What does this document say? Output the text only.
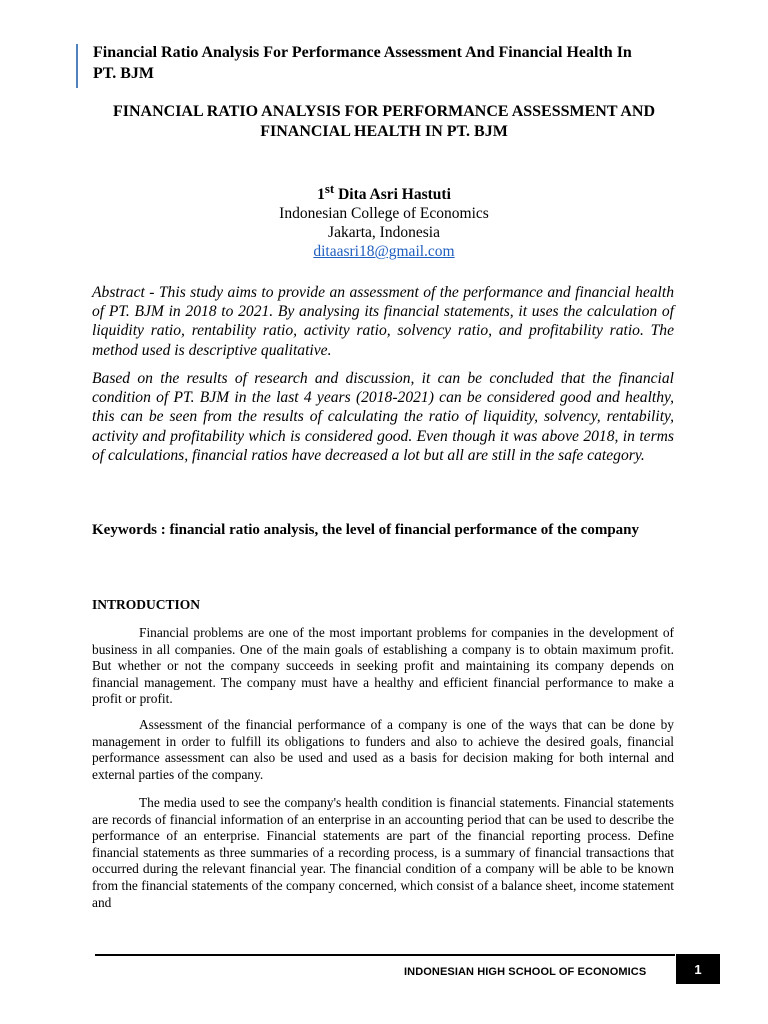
Financial Ratio Analysis For Performance Assessment And Financial Health In PT. BJM
FINANCIAL RATIO ANALYSIS FOR PERFORMANCE ASSESSMENT AND FINANCIAL HEALTH IN PT. BJM
1st Dita Asri Hastuti
Indonesian College of Economics
Jakarta, Indonesia
ditaasri18@gmail.com

Abstract - This study aims to provide an assessment of the performance and financial health of PT. BJM in 2018 to 2021. By analysing its financial statements, it uses the calculation of liquidity ratio, rentability ratio, activity ratio, solvency ratio, and profitability ratio. The method used is descriptive qualitative.

Based on the results of research and discussion, it can be concluded that the financial condition of PT. BJM in the last 4 years (2018-2021) can be considered good and healthy, this can be seen from the results of calculating the ratio of liquidity, solvency, rentability, activity and profitability which is considered good. Even though it was above 2018, in terms of calculations, financial ratios have decreased a lot but all are still in the safe category.

Keywords : financial ratio analysis, the level of financial performance of the company

INTRODUCTION

Financial problems are one of the most important problems for companies in the development of business in all companies. One of the main goals of establishing a company is to obtain maximum profit. But whether or not the company succeeds in seeking profit and maintaining its company depends on financial management. The company must have a healthy and efficient financial performance to make a profit or profit.

Assessment of the financial performance of a company is one of the ways that can be done by management in order to fulfill its obligations to funders and also to achieve the desired goals, financial performance assessment can also be used and used as a basis for decision making for both internal and external parties of the company.

The media used to see the company's health condition is financial statements. Financial statements are records of financial information of an enterprise in an accounting period that can be used to describe the performance of an enterprise. Financial statements are part of the financial reporting process. Define financial statements as three summaries of a recording process, is a summary of financial transactions that occurred during the relevant financial year. The financial condition of a company will be able to be known from the financial statements of the company concerned, which consist of a balance sheet, income statement and

INDONESIAN HIGH SCHOOL OF ECONOMICS	1
